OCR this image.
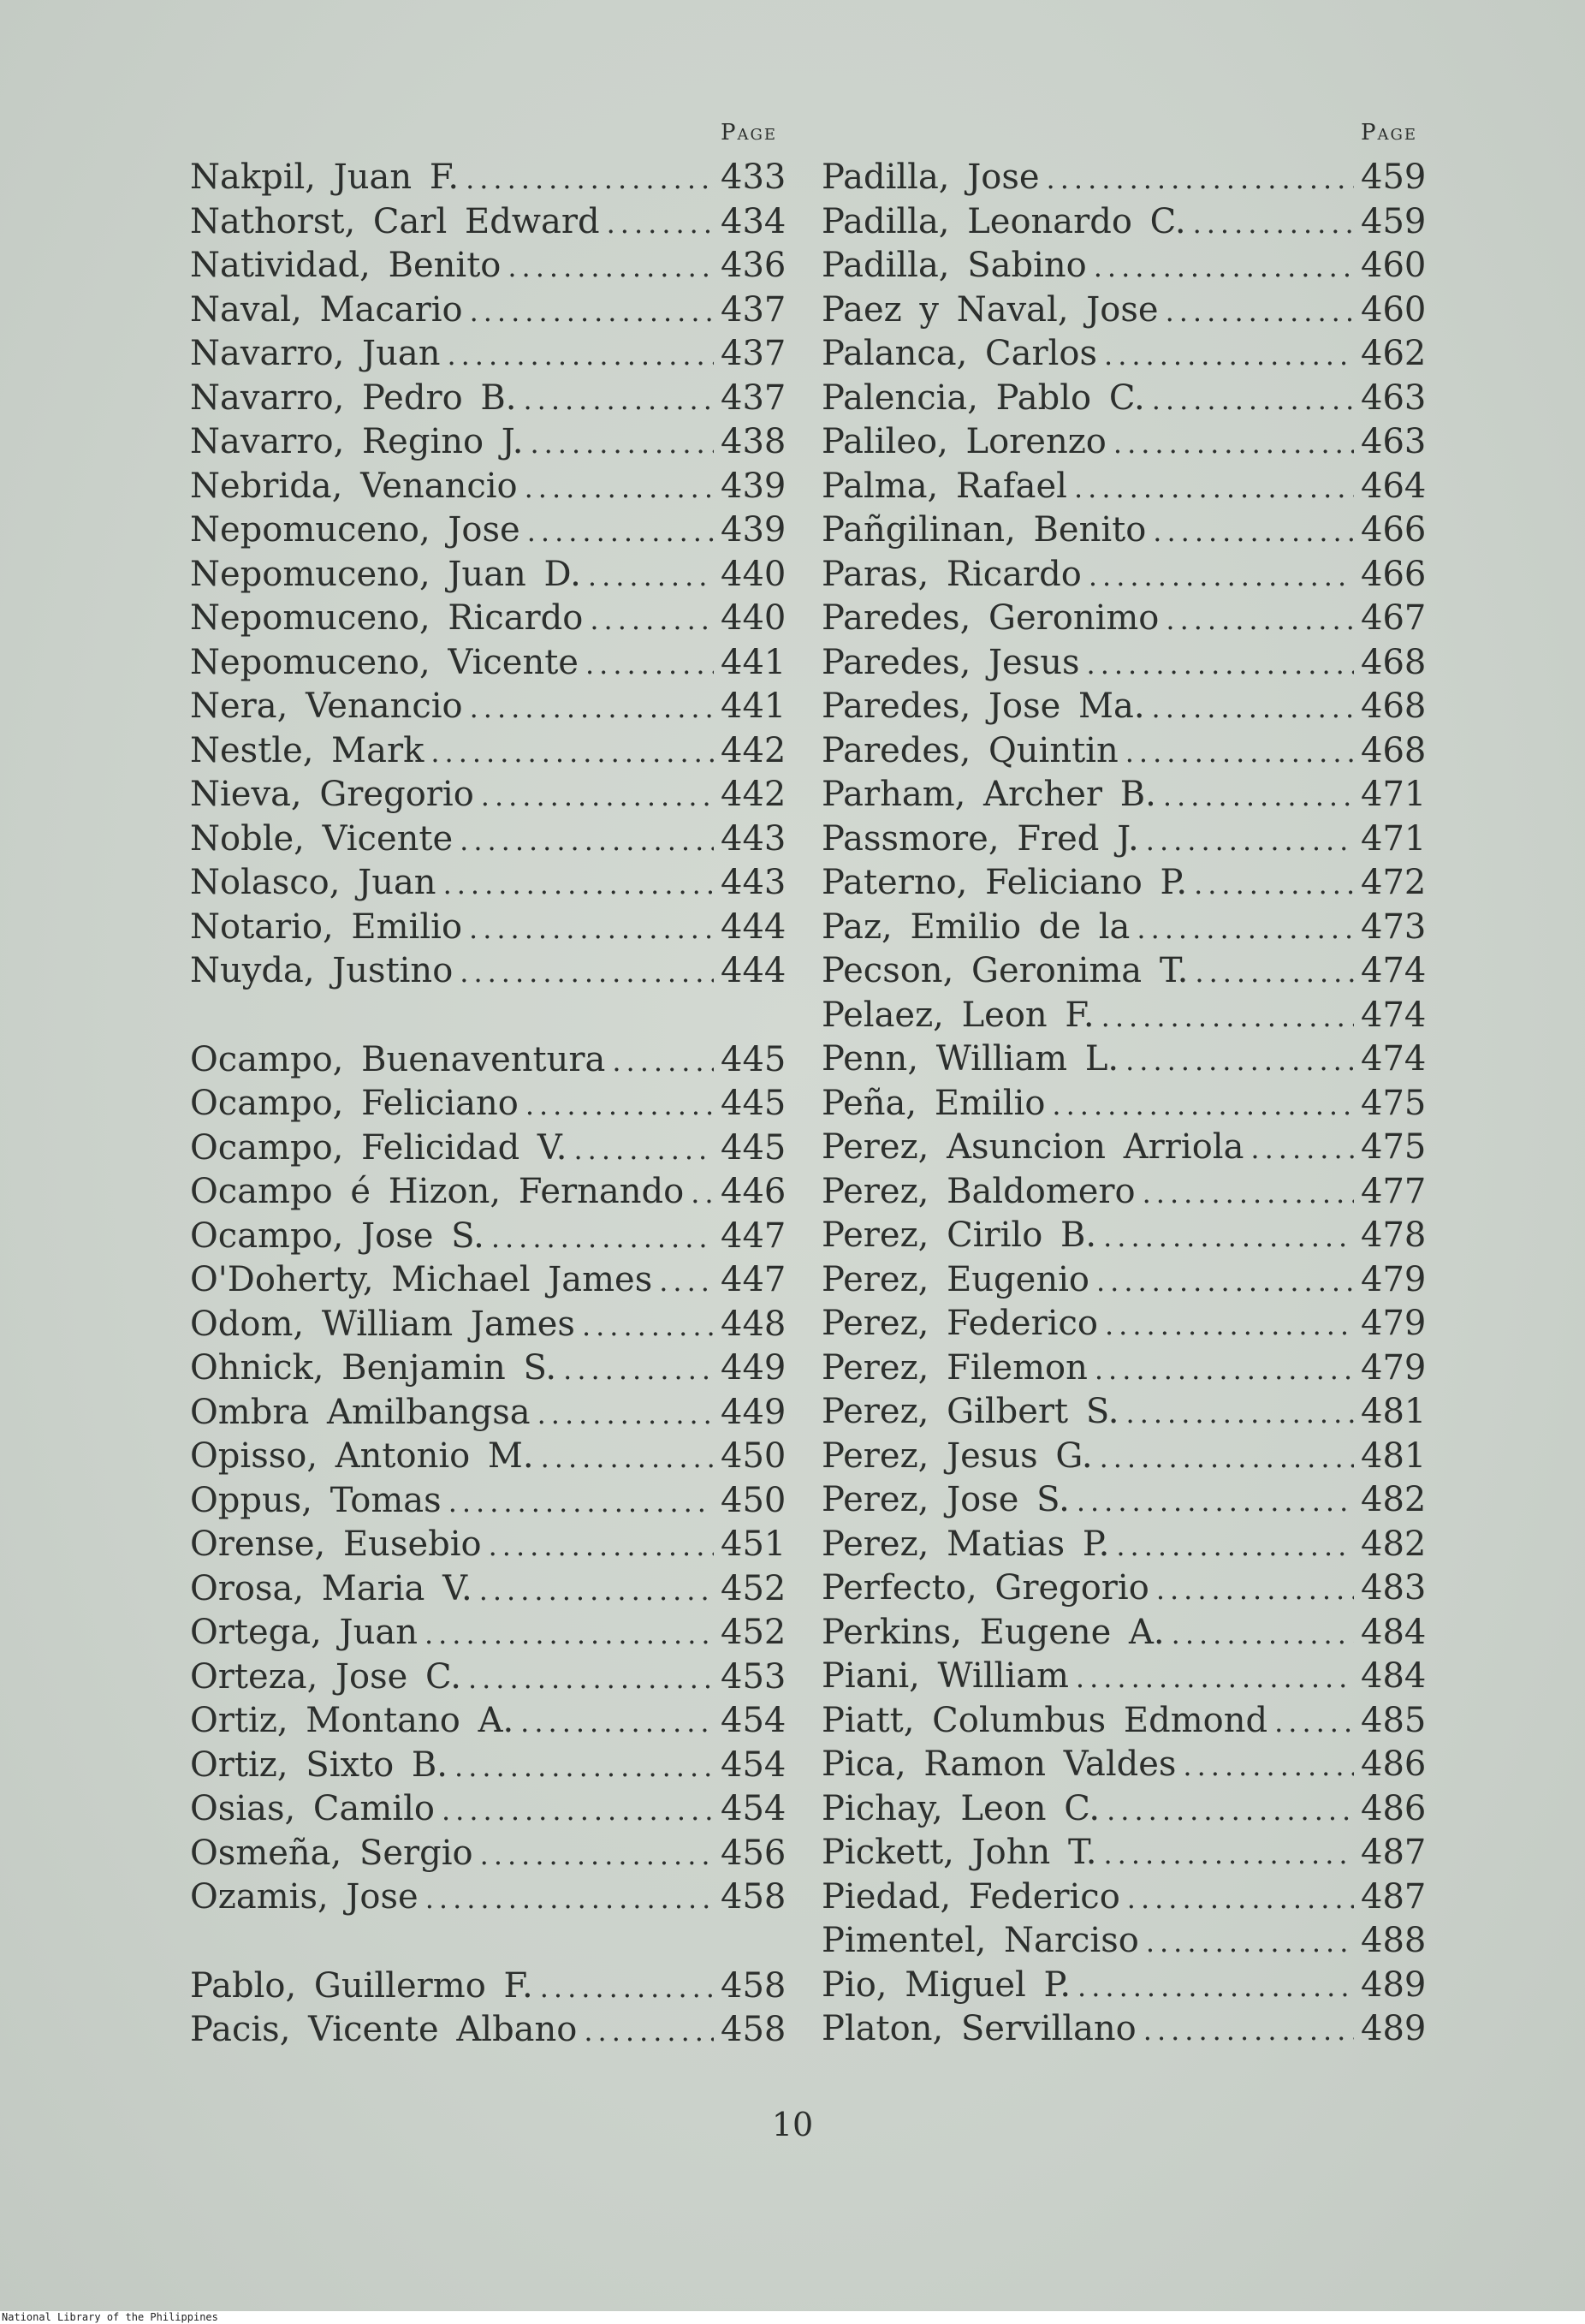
Page
Nakpil, Juan F. .....	433
Nathorst, Carl Edward .....	434
Natividad, Benito .....	436
Naval, Macario .....	437
Navarro, Juan .....	437
Navarro, Pedro B. .....	437
Navarro, Regino J. .....	438
Nebrida, Venancio .....	439
Nepomuceno, Jose .....	439
Nepomuceno, Juan D. .....	440
Nepomuceno, Ricardo .....	440
Nepomuceno, Vicente .....	441
Nera, Venancio .....	441
Nestle, Mark .....	442
Nieva, Gregorio .....	442
Noble, Vicente .....	443
Nolasco, Juan .....	443
Notario, Emilio .....	444
Nuyda, Justino .....	444
Ocampo, Buenaventura .....	445
Ocampo, Feliciano .....	445
Ocampo, Felicidad V. .....	445
Ocampo é Hizon, Fernando ..... 446
Ocampo, Jose S. .....	447
O'Doherty, Michael James ..... 447
Odom, William James .....	448
Ohnick, Benjamin S. .....	449
Ombra Amilbangsa .....	449
Opisso, Antonio M. .....	450
Oppus, Tomas .....	450
Orense, Eusebio .....	451
Orosa, Maria V. .....	452
Ortega, Juan .....	452
Orteza, Jose C. .....	453
Ortiz, Montano A. .....	454
Ortiz, Sixto B. .....	454
Osias, Camilo .....	454
Osmeña, Sergio .....	456
Ozamis, Jose .....	458
Pablo, Guillermo F. .....	458
Pacis, Vicente Albano .....	458
Page
Padilla, Jose .....	459
Padilla, Leonardo C. .....	459
Padilla, Sabino .....	460
Paez y Naval, Jose .....	460
Palanca, Carlos .....	462
Palencia, Pablo C. .....	463
Palileo, Lorenzo .....	463
Palma, Rafael .....	464
Pañgilinan, Benito .....	466
Paras, Ricardo .....	466
Paredes, Geronimo .....	467
Paredes, Jesus .....	468
Paredes, Jose Ma. .....	468
Paredes, Quintin .....	468
Parham, Archer B. .....	471
Passmore, Fred J. .....	471
Paterno, Feliciano P. .....	472
Paz, Emilio de la .....	473
Pecson, Geronima T. .....	474
Pelaez, Leon F. .....	474
Penn, William L. .....	474
Peña, Emilio .....	475
Perez, Asuncion Arriola .....	475
Perez, Baldomero .....	477
Perez, Cirilo B. .....	478
Perez, Eugenio .....	479
Perez, Federico .....	479
Perez, Filemon .....	479
Perez, Gilbert S. .....	481
Perez, Jesus G. .....	481
Perez, Jose S. .....	482
Perez, Matias P. .....	482
Perfecto, Gregorio .....	483
Perkins, Eugene A. .....	484
Piani, William .....	484
Piatt, Columbus Edmond .....	485
Pica, Ramon Valdes .....	486
Pichay, Leon C. .....	486
Pickett, John T. .....	487
Piedad, Federico .....	487
Pimentel, Narciso .....	488
Pio, Miguel P. .....	489
Platon, Servillano .....	489
10
National Library of the Philippines
